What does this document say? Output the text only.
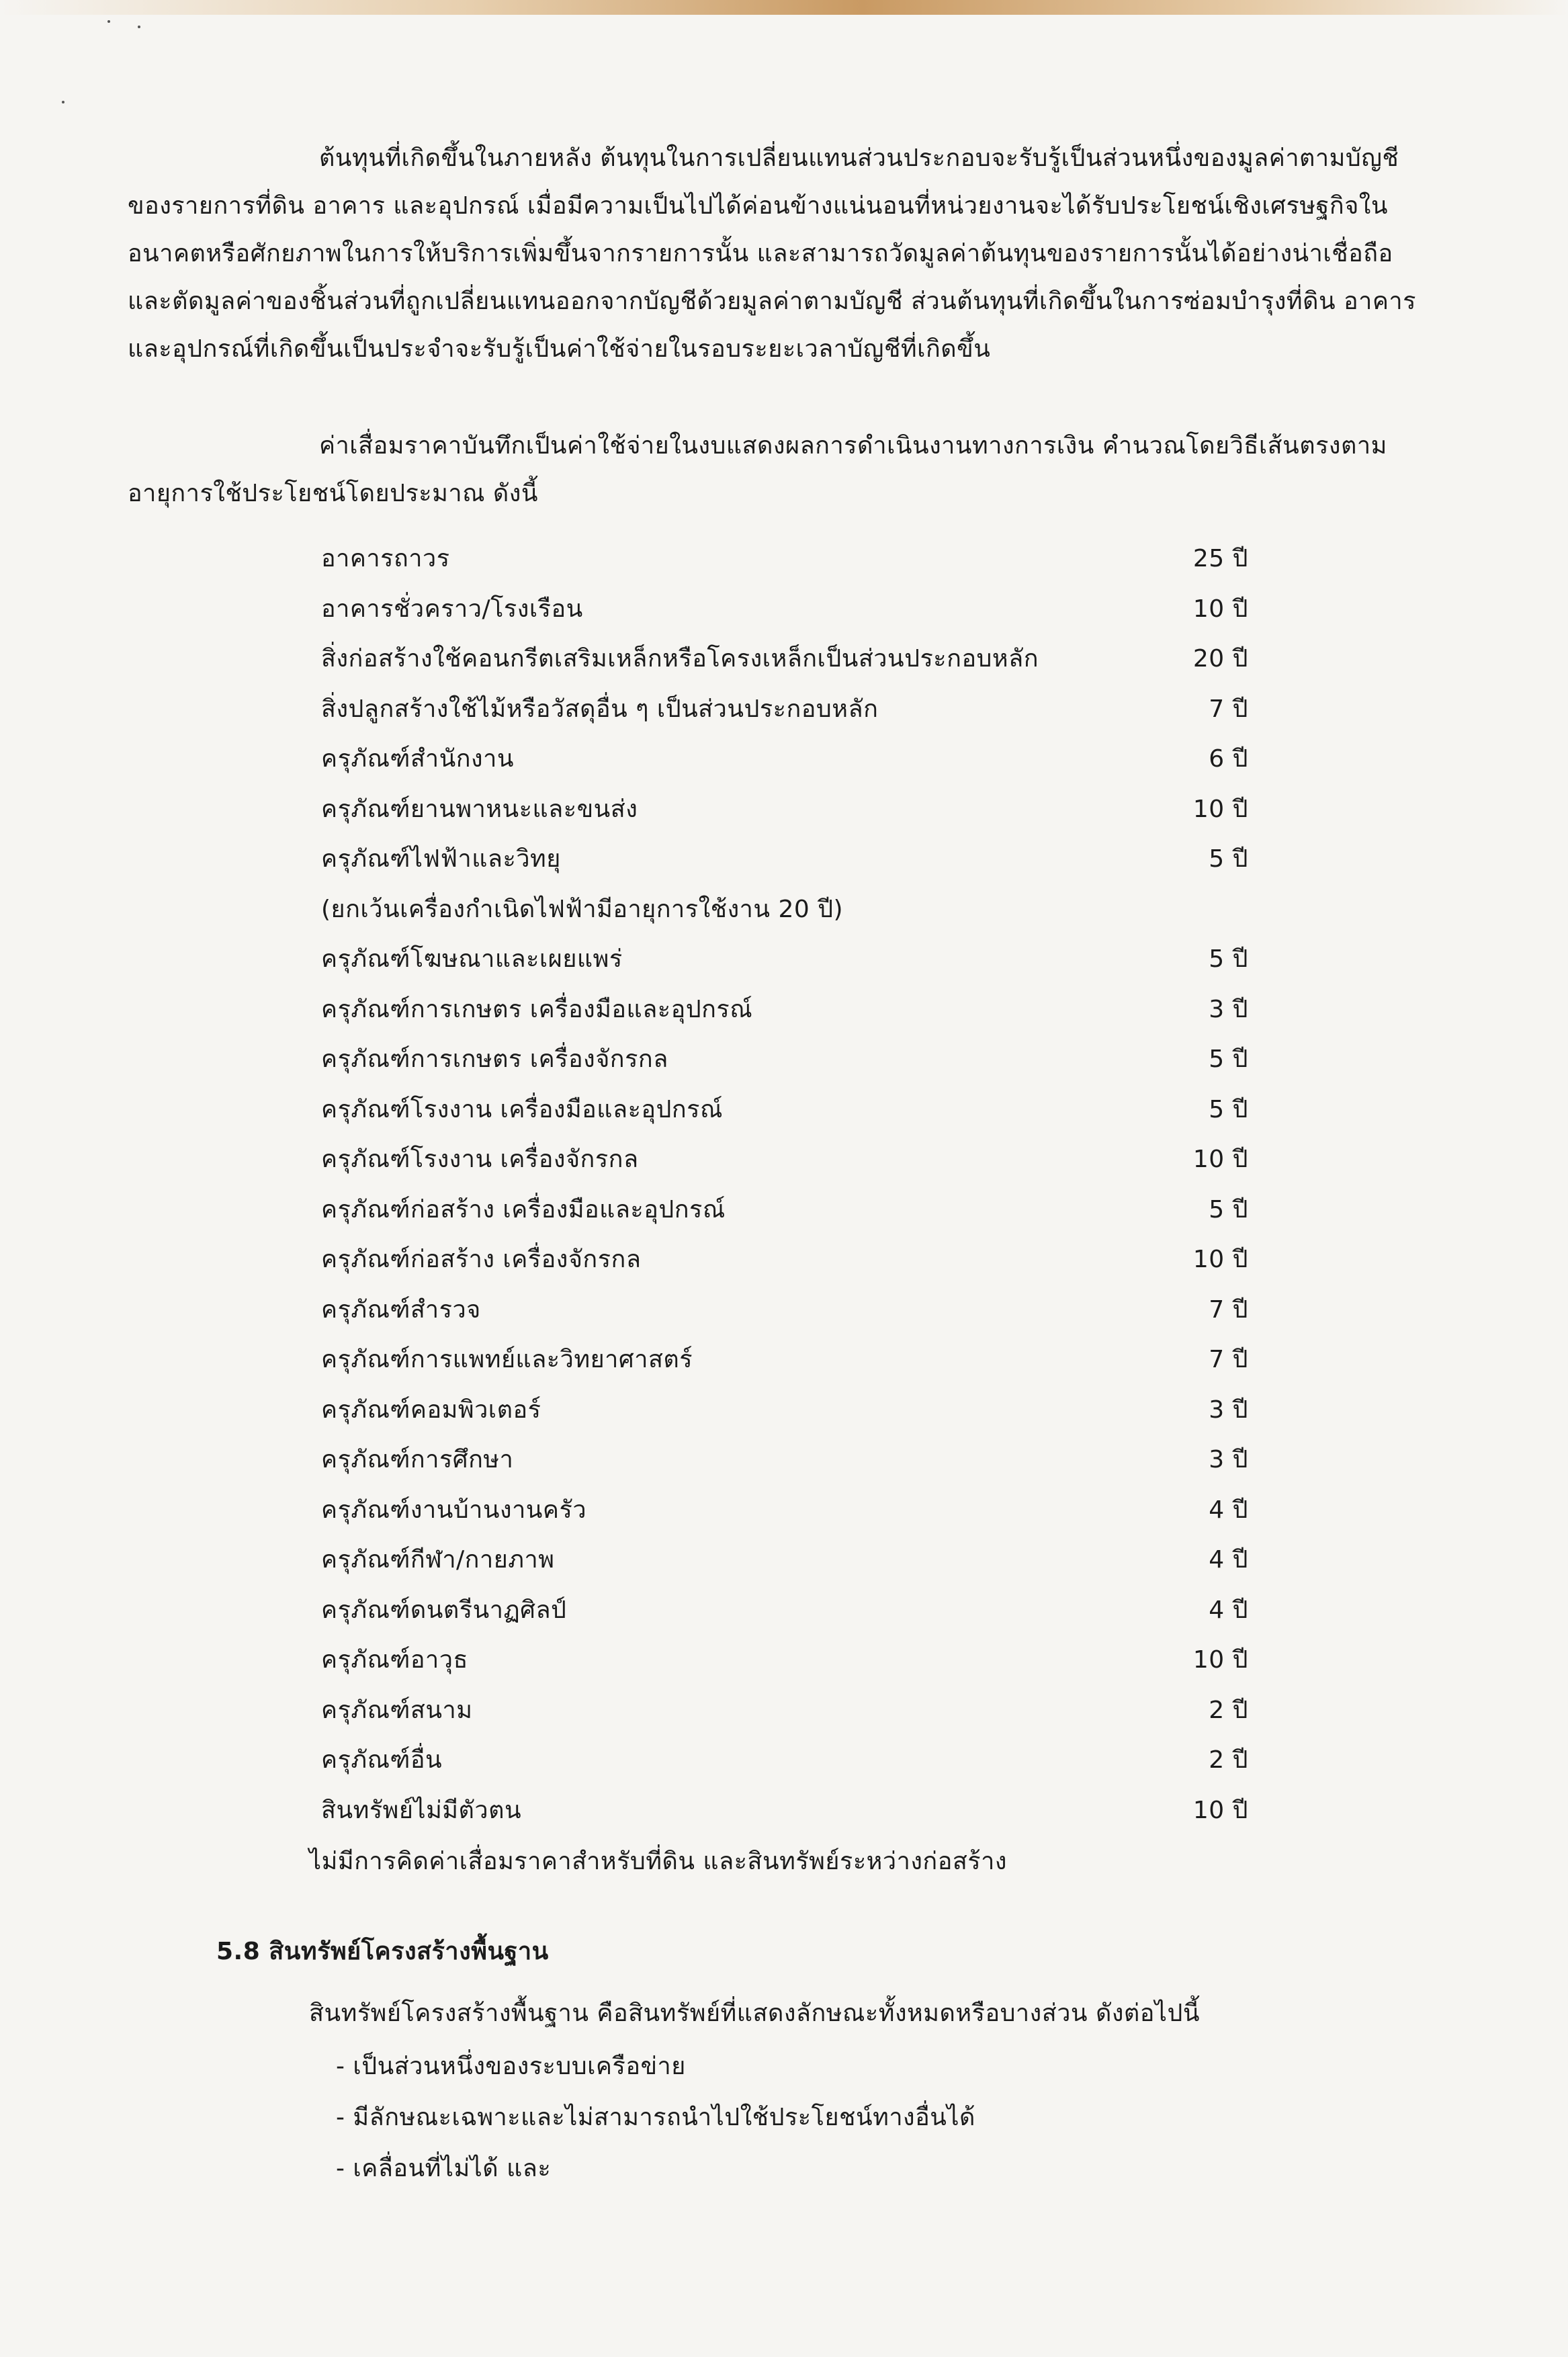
ต้นทุนที่เกิดขึ้นในภายหลัง ต้นทุนในการเปลี่ยนแทนส่วนประกอบจะรับรู้เป็นส่วนหนึ่งของมูลค่าตามบัญชีของรายการที่ดิน อาคาร และอุปกรณ์ เมื่อมีความเป็นไปได้ค่อนข้างแน่นอนที่หน่วยงานจะได้รับประโยชน์เชิงเศรษฐกิจในอนาคตหรือศักยภาพในการให้บริการเพิ่มขึ้นจากรายการนั้น และสามารถวัดมูลค่าต้นทุนของรายการนั้นได้อย่างน่าเชื่อถือ และตัดมูลค่าของชิ้นส่วนที่ถูกเปลี่ยนแทนออกจากบัญชีด้วยมูลค่าตามบัญชี ส่วนต้นทุนที่เกิดขึ้นในการซ่อมบำรุงที่ดิน อาคาร และอุปกรณ์ที่เกิดขึ้นเป็นประจำจะรับรู้เป็นค่าใช้จ่ายในรอบระยะเวลาบัญชีที่เกิดขึ้น

ค่าเสื่อมราคาบันทึกเป็นค่าใช้จ่ายในงบแสดงผลการดำเนินงานทางการเงิน คำนวณโดยวิธีเส้นตรงตามอายุการใช้ประโยชน์โดยประมาณ ดังนี้

อาคารถาวร	25 ปี
อาคารชั่วคราว/โรงเรือน	10 ปี
สิ่งก่อสร้างใช้คอนกรีตเสริมเหล็กหรือโครงเหล็กเป็นส่วนประกอบหลัก	20 ปี
สิ่งปลูกสร้างใช้ไม้หรือวัสดุอื่น ๆ เป็นส่วนประกอบหลัก	7 ปี
ครุภัณฑ์สำนักงาน	6 ปี
ครุภัณฑ์ยานพาหนะและขนส่ง	10 ปี
ครุภัณฑ์ไฟฟ้าและวิทยุ	5 ปี
(ยกเว้นเครื่องกำเนิดไฟฟ้ามีอายุการใช้งาน 20 ปี)
ครุภัณฑ์โฆษณาและเผยแพร่	5 ปี
ครุภัณฑ์การเกษตร เครื่องมือและอุปกรณ์	3 ปี
ครุภัณฑ์การเกษตร เครื่องจักรกล	5 ปี
ครุภัณฑ์โรงงาน เครื่องมือและอุปกรณ์	5 ปี
ครุภัณฑ์โรงงาน เครื่องจักรกล	10 ปี
ครุภัณฑ์ก่อสร้าง เครื่องมือและอุปกรณ์	5 ปี
ครุภัณฑ์ก่อสร้าง เครื่องจักรกล	10 ปี
ครุภัณฑ์สำรวจ	7 ปี
ครุภัณฑ์การแพทย์และวิทยาศาสตร์	7 ปี
ครุภัณฑ์คอมพิวเตอร์	3 ปี
ครุภัณฑ์การศึกษา	3 ปี
ครุภัณฑ์งานบ้านงานครัว	4 ปี
ครุภัณฑ์กีฬา/กายภาพ	4 ปี
ครุภัณฑ์ดนตรีนาฏศิลป์	4 ปี
ครุภัณฑ์อาวุธ	10 ปี
ครุภัณฑ์สนาม	2 ปี
ครุภัณฑ์อื่น	2 ปี
สินทรัพย์ไม่มีตัวตน	10 ปี
ไม่มีการคิดค่าเสื่อมราคาสำหรับที่ดิน และสินทรัพย์ระหว่างก่อสร้าง
5.8 สินทรัพย์โครงสร้างพื้นฐาน
สินทรัพย์โครงสร้างพื้นฐาน คือสินทรัพย์ที่แสดงลักษณะทั้งหมดหรือบางส่วน ดังต่อไปนี้
- เป็นส่วนหนึ่งของระบบเครือข่าย
- มีลักษณะเฉพาะและไม่สามารถนำไปใช้ประโยชน์ทางอื่นได้
- เคลื่อนที่ไม่ได้ และ
